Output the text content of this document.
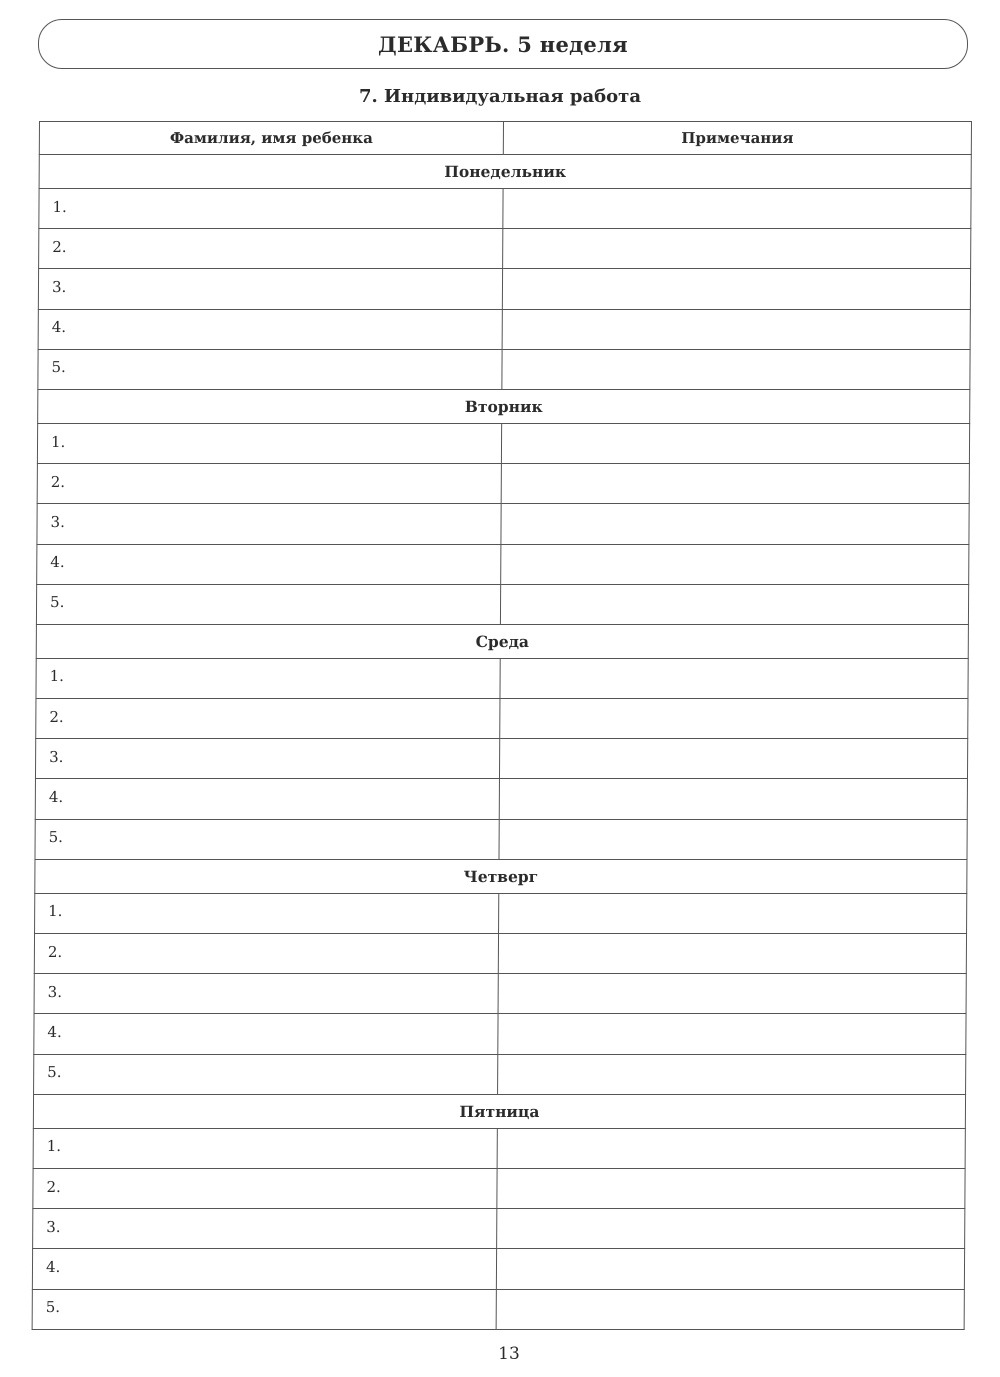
ДЕКАБРЬ. 5 неделя
7. Индивидуальная работа
Фамилия, имя ребенка	Примечания
Понедельник	
1.	
2.	
3.	
4.	
5.	
Вторник	
1.	
2.	
3.	
4.	
5.	
Среда	
1.	
2.	
3.	
4.	
5.	
Четверг	
1.	
2.	
3.	
4.	
5.	
Пятница	
1.	
2.	
3.	
4.	
5.	
13
